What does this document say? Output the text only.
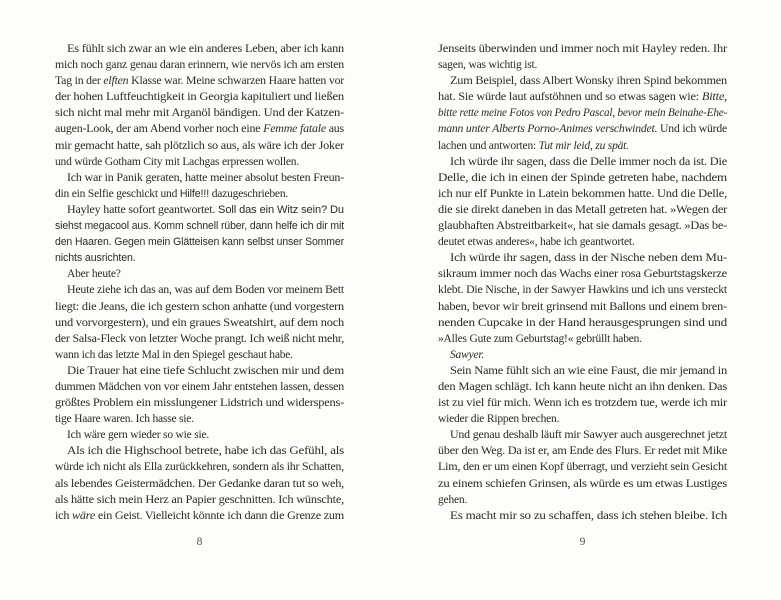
Es fühlt sich zwar an wie ein anderes Leben, aber ich kann
mich noch ganz genau daran erinnern, wie nervös ich am ersten
Tag in der elften Klasse war. Meine schwarzen Haare hatten vor
der hohen Luftfeuchtigkeit in Georgia kapituliert und ließen
sich nicht mal mehr mit Arganöl bändigen. Und der Katzen-
augen-Look, der am Abend vorher noch eine Femme fatale aus
mir gemacht hatte, sah plötzlich so aus, als wäre ich der Joker
und würde Gotham City mit Lachgas erpressen wollen.
Ich war in Panik geraten, hatte meiner absolut besten Freun-
din ein Selfie geschickt und Hilfe!!! dazugeschrieben.
Hayley hatte sofort geantwortet. Soll das ein Witz sein? Du
siehst megacool aus. Komm schnell rüber, dann helfe ich dir mit
den Haaren. Gegen mein Glätteisen kann selbst unser Sommer
nichts ausrichten.
Aber heute?
Heute ziehe ich das an, was auf dem Boden vor meinem Bett
liegt: die Jeans, die ich gestern schon anhatte (und vorgestern
und vorvorgestern), und ein graues Sweatshirt, auf dem noch
der Salsa-Fleck von letzter Woche prangt. Ich weiß nicht mehr,
wann ich das letzte Mal in den Spiegel geschaut habe.
Die Trauer hat eine tiefe Schlucht zwischen mir und dem
dummen Mädchen von vor einem Jahr entstehen lassen, dessen
größtes Problem ein misslungener Lidstrich und widerspens-
tige Haare waren. Ich hasse sie.
Ich wäre gern wieder so wie sie.
Als ich die Highschool betrete, habe ich das Gefühl, als
würde ich nicht als Ella zurückkehren, sondern als ihr Schatten,
als lebendes Geistermädchen. Der Gedanke daran tut so weh,
als hätte sich mein Herz an Papier geschnitten. Ich wünschte,
ich wäre ein Geist. Vielleicht könnte ich dann die Grenze zum
8
Jenseits überwinden und immer noch mit Hayley reden. Ihr
sagen, was wichtig ist.
Zum Beispiel, dass Albert Wonsky ihren Spind bekommen
hat. Sie würde laut aufstöhnen und so etwas sagen wie: Bitte,
bitte rette meine Fotos von Pedro Pascal, bevor mein Beinahe-Ehe-
mann unter Alberts Porno-Animes verschwindet. Und ich würde
lachen und antworten: Tut mir leid, zu spät.
Ich würde ihr sagen, dass die Delle immer noch da ist. Die
Delle, die ich in einen der Spinde getreten habe, nachdem
ich nur elf Punkte in Latein bekommen hatte. Und die Delle,
die sie direkt daneben in das Metall getreten hat. »Wegen der
glaubhaften Abstreitbarkeit«, hat sie damals gesagt. »Das be-
deutet etwas anderes«, habe ich geantwortet.
Ich würde ihr sagen, dass in der Nische neben dem Mu-
sikraum immer noch das Wachs einer rosa Geburtstagskerze
klebt. Die Nische, in der Sawyer Hawkins und ich uns versteckt
haben, bevor wir breit grinsend mit Ballons und einem bren-
nenden Cupcake in der Hand herausgesprungen sind und
»Alles Gute zum Geburtstag!« gebrüllt haben.
Sawyer.
Sein Name fühlt sich an wie eine Faust, die mir jemand in
den Magen schlägt. Ich kann heute nicht an ihn denken. Das
ist zu viel für mich. Wenn ich es trotzdem tue, werde ich mir
wieder die Rippen brechen.
Und genau deshalb läuft mir Sawyer auch ausgerechnet jetzt
über den Weg. Da ist er, am Ende des Flurs. Er redet mit Mike
Lim, den er um einen Kopf überragt, und verzieht sein Gesicht
zu einem schiefen Grinsen, als würde es um etwas Lustiges
gehen.
Es macht mir so zu schaffen, dass ich stehen bleibe. Ich
9
